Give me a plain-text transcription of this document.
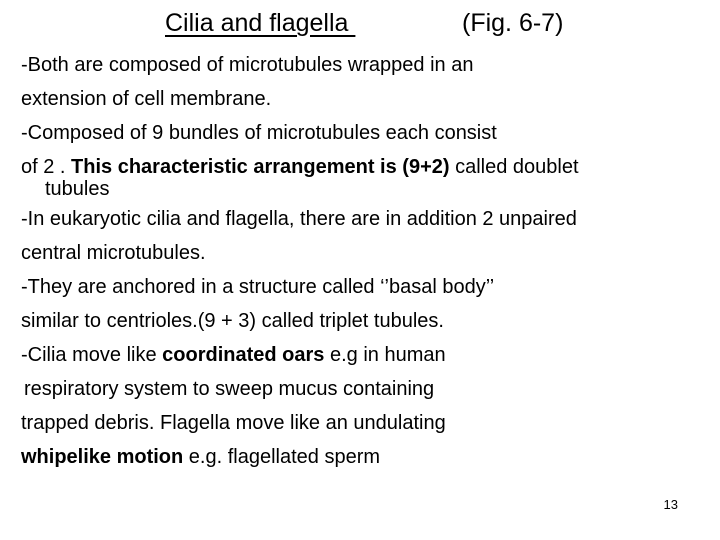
Cilia and flagella	(Fig. 6-7)
-Both are composed of microtubules wrapped in an
extension of cell membrane.
-Composed of 9 bundles of microtubules each consist
of 2 . This characteristic arrangement is (9+2) called doublet
tubules
-In eukaryotic cilia and flagella, there are in addition 2 unpaired
central microtubules.
-They are anchored in a structure called ‘’basal body’’
similar to centrioles.(9 + 3) called triplet tubules.
-Cilia move like coordinated oars e.g in human
respiratory system to sweep mucus containing
trapped debris. Flagella move like an undulating
whipelike motion e.g. flagellated sperm
13
